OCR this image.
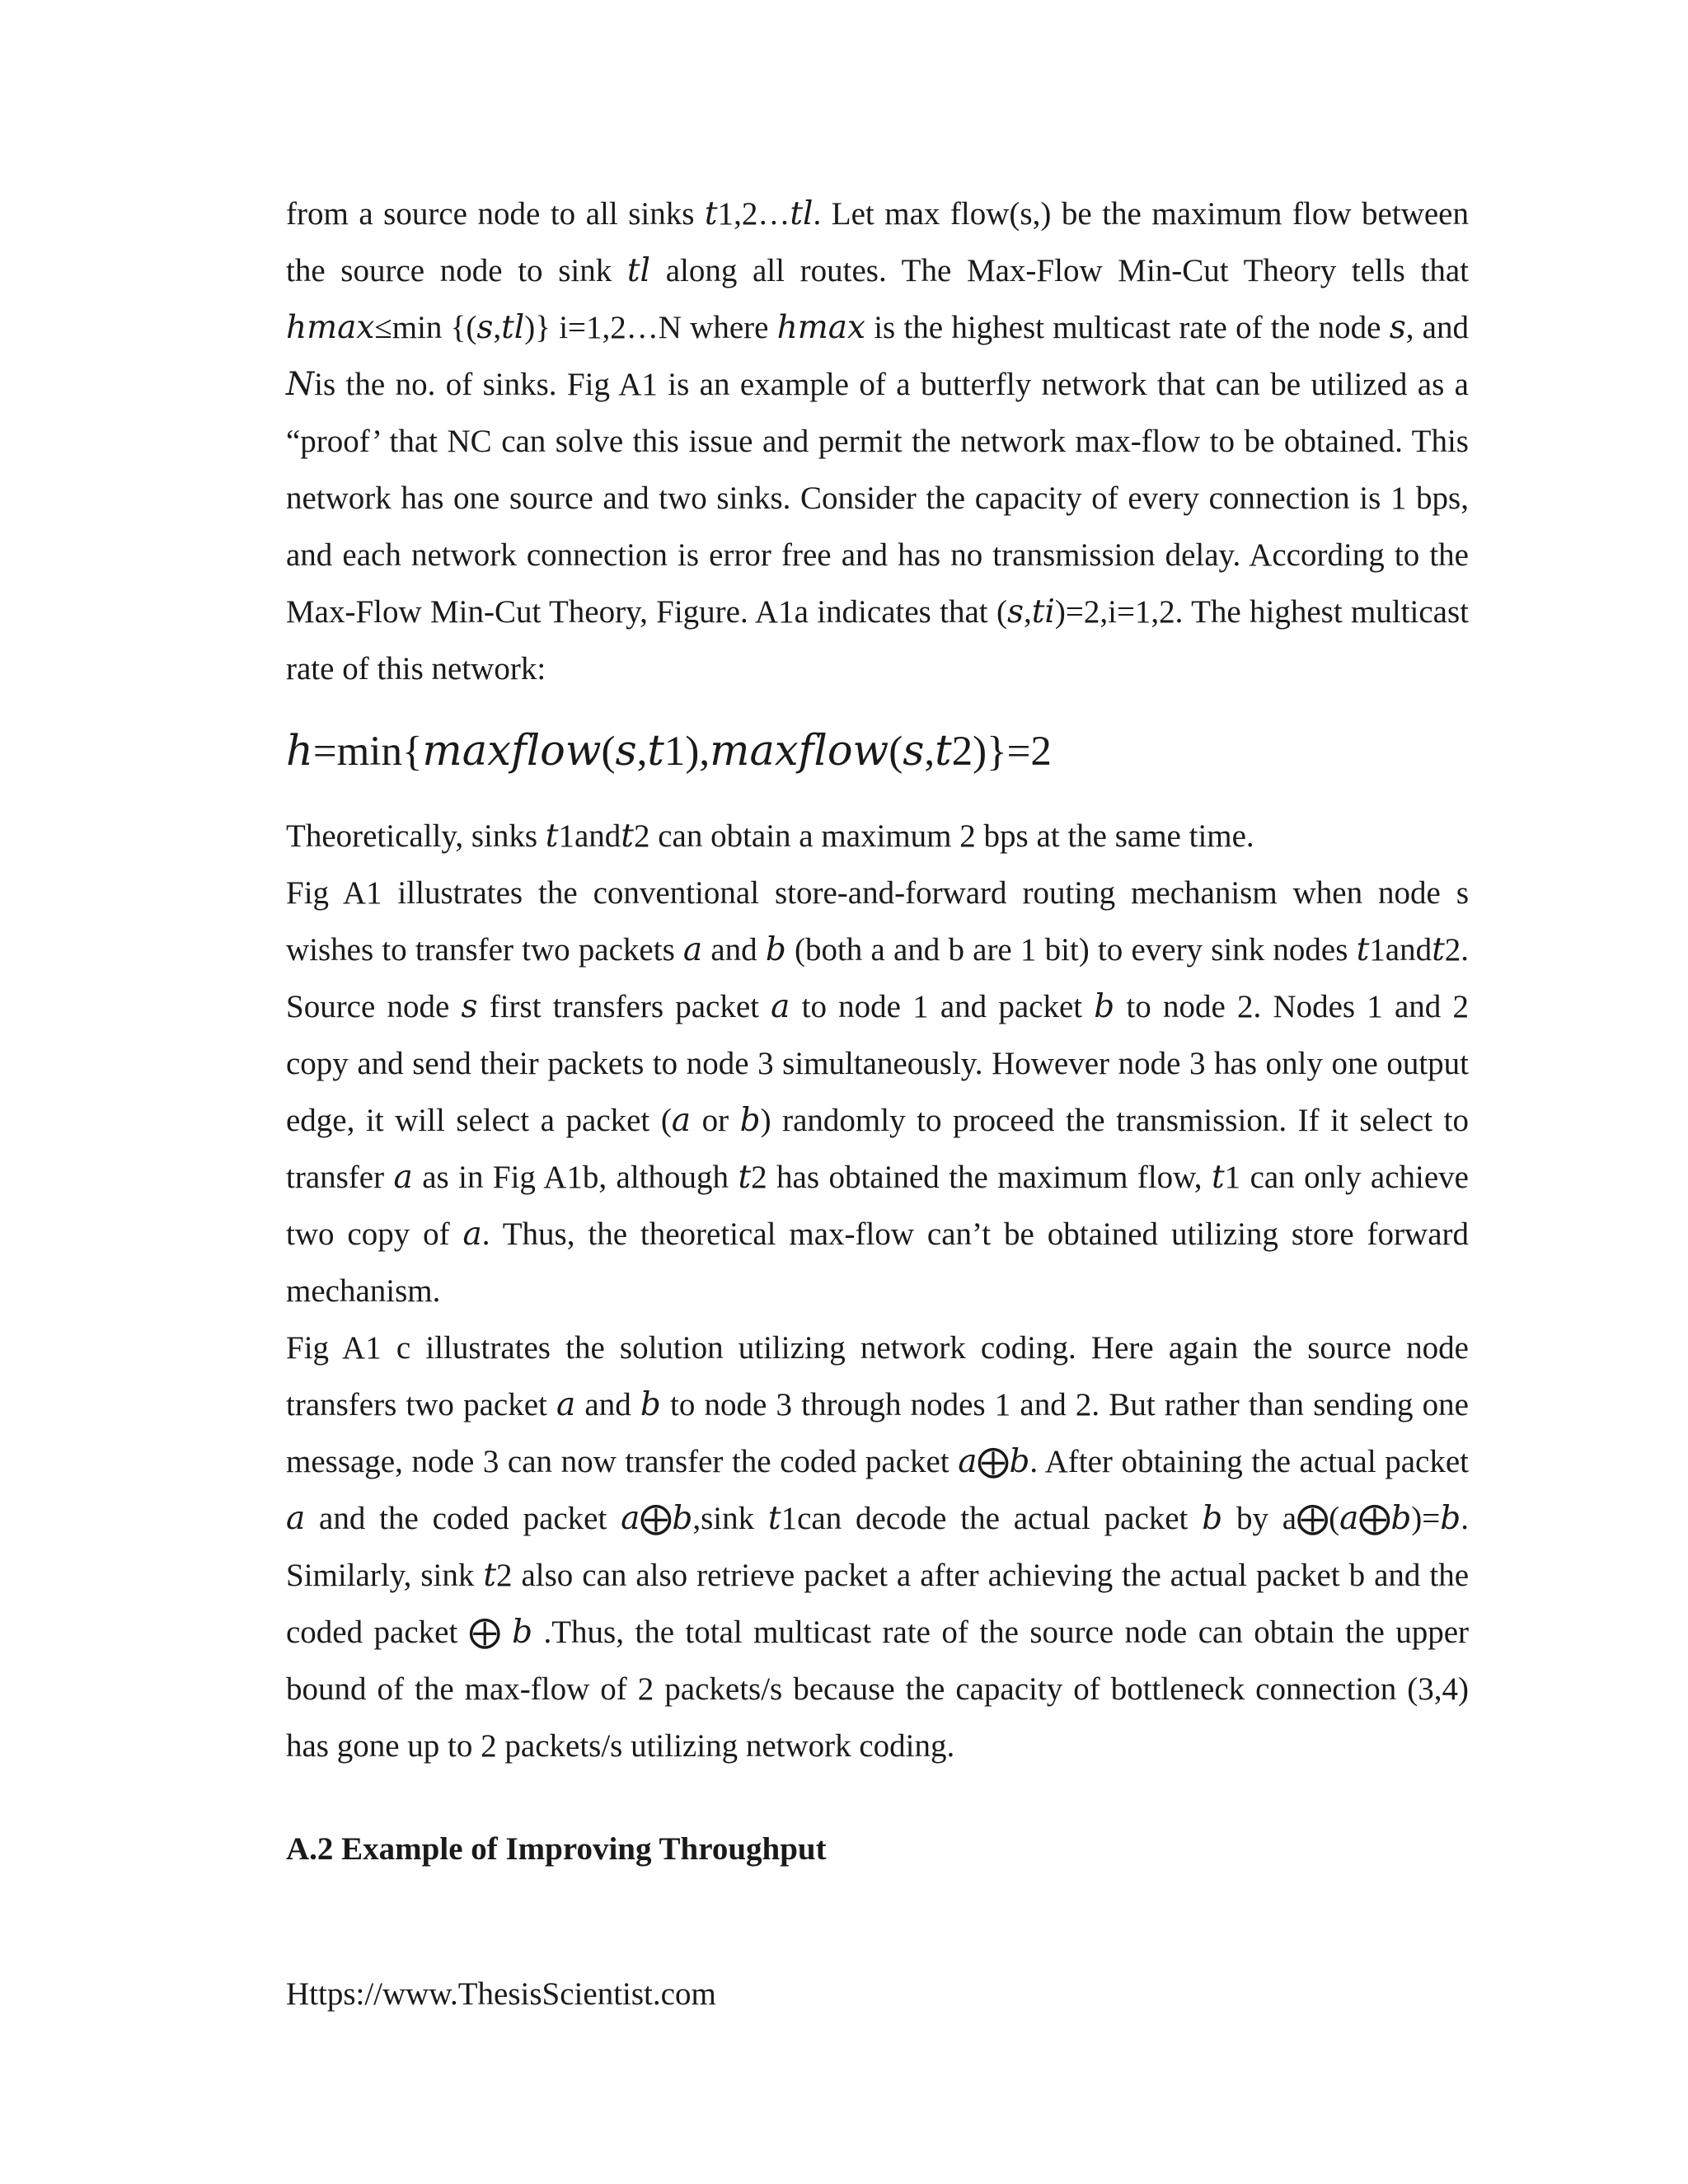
from a source node to all sinks 𝑡1,2…𝑡𝑙. Let max flow(s,) be the maximum flow between the source node to sink 𝑡𝑙 along all routes. The Max-Flow Min-Cut Theory tells that ℎ𝑚𝑎𝑥≤min {(𝑠,𝑡𝑙)} i=1,2…N where ℎ𝑚𝑎𝑥 is the highest multicast rate of the node 𝑠, and 𝑁is the no. of sinks. Fig A1 is an example of a butterfly network that can be utilized as a “proof’ that NC can solve this issue and permit the network max-flow to be obtained. This network has one source and two sinks. Consider the capacity of every connection is 1 bps, and each network connection is error free and has no transmission delay. According to the Max-Flow Min-Cut Theory, Figure. A1a indicates that (𝑠,𝑡𝑖)=2,i=1,2. The highest multicast rate of this network:

ℎ=min{𝑚𝑎𝑥𝑓𝑙𝑜𝑤(𝑠,𝑡1),𝑚𝑎𝑥𝑓𝑙𝑜𝑤(𝑠,𝑡2)}=2

Theoretically, sinks 𝑡1and𝑡2 can obtain a maximum 2 bps at the same time.

Fig A1 illustrates the conventional store-and-forward routing mechanism when node s wishes to transfer two packets 𝑎 and 𝑏 (both a and b are 1 bit) to every sink nodes 𝑡1and𝑡2. Source node 𝑠 first transfers packet 𝑎 to node 1 and packet 𝑏 to node 2. Nodes 1 and 2 copy and send their packets to node 3 simultaneously. However node 3 has only one output edge, it will select a packet (𝑎 or 𝑏) randomly to proceed the transmission. If it select to transfer 𝑎 as in Fig A1b, although 𝑡2 has obtained the maximum flow, 𝑡1 can only achieve two copy of 𝑎. Thus, the theoretical max-flow can’t be obtained utilizing store forward mechanism.

Fig A1 c illustrates the solution utilizing network coding. Here again the source node transfers two packet 𝑎 and 𝑏 to node 3 through nodes 1 and 2. But rather than sending one message, node 3 can now transfer the coded packet 𝑎⨁𝑏. After obtaining the actual packet 𝑎 and the coded packet 𝑎⨁𝑏,sink 𝑡1can decode the actual packet 𝑏 by a⨁(𝑎⨁𝑏)=𝑏. Similarly, sink 𝑡2 also can also retrieve packet a after achieving the actual packet b and the coded packet ⨁ 𝑏 .Thus, the total multicast rate of the source node can obtain the upper bound of the max-flow of 2 packets/s because the capacity of bottleneck connection (3,4) has gone up to 2 packets/s utilizing network coding.

A.2 Example of Improving Throughput
Https://www.ThesisScientist.com
